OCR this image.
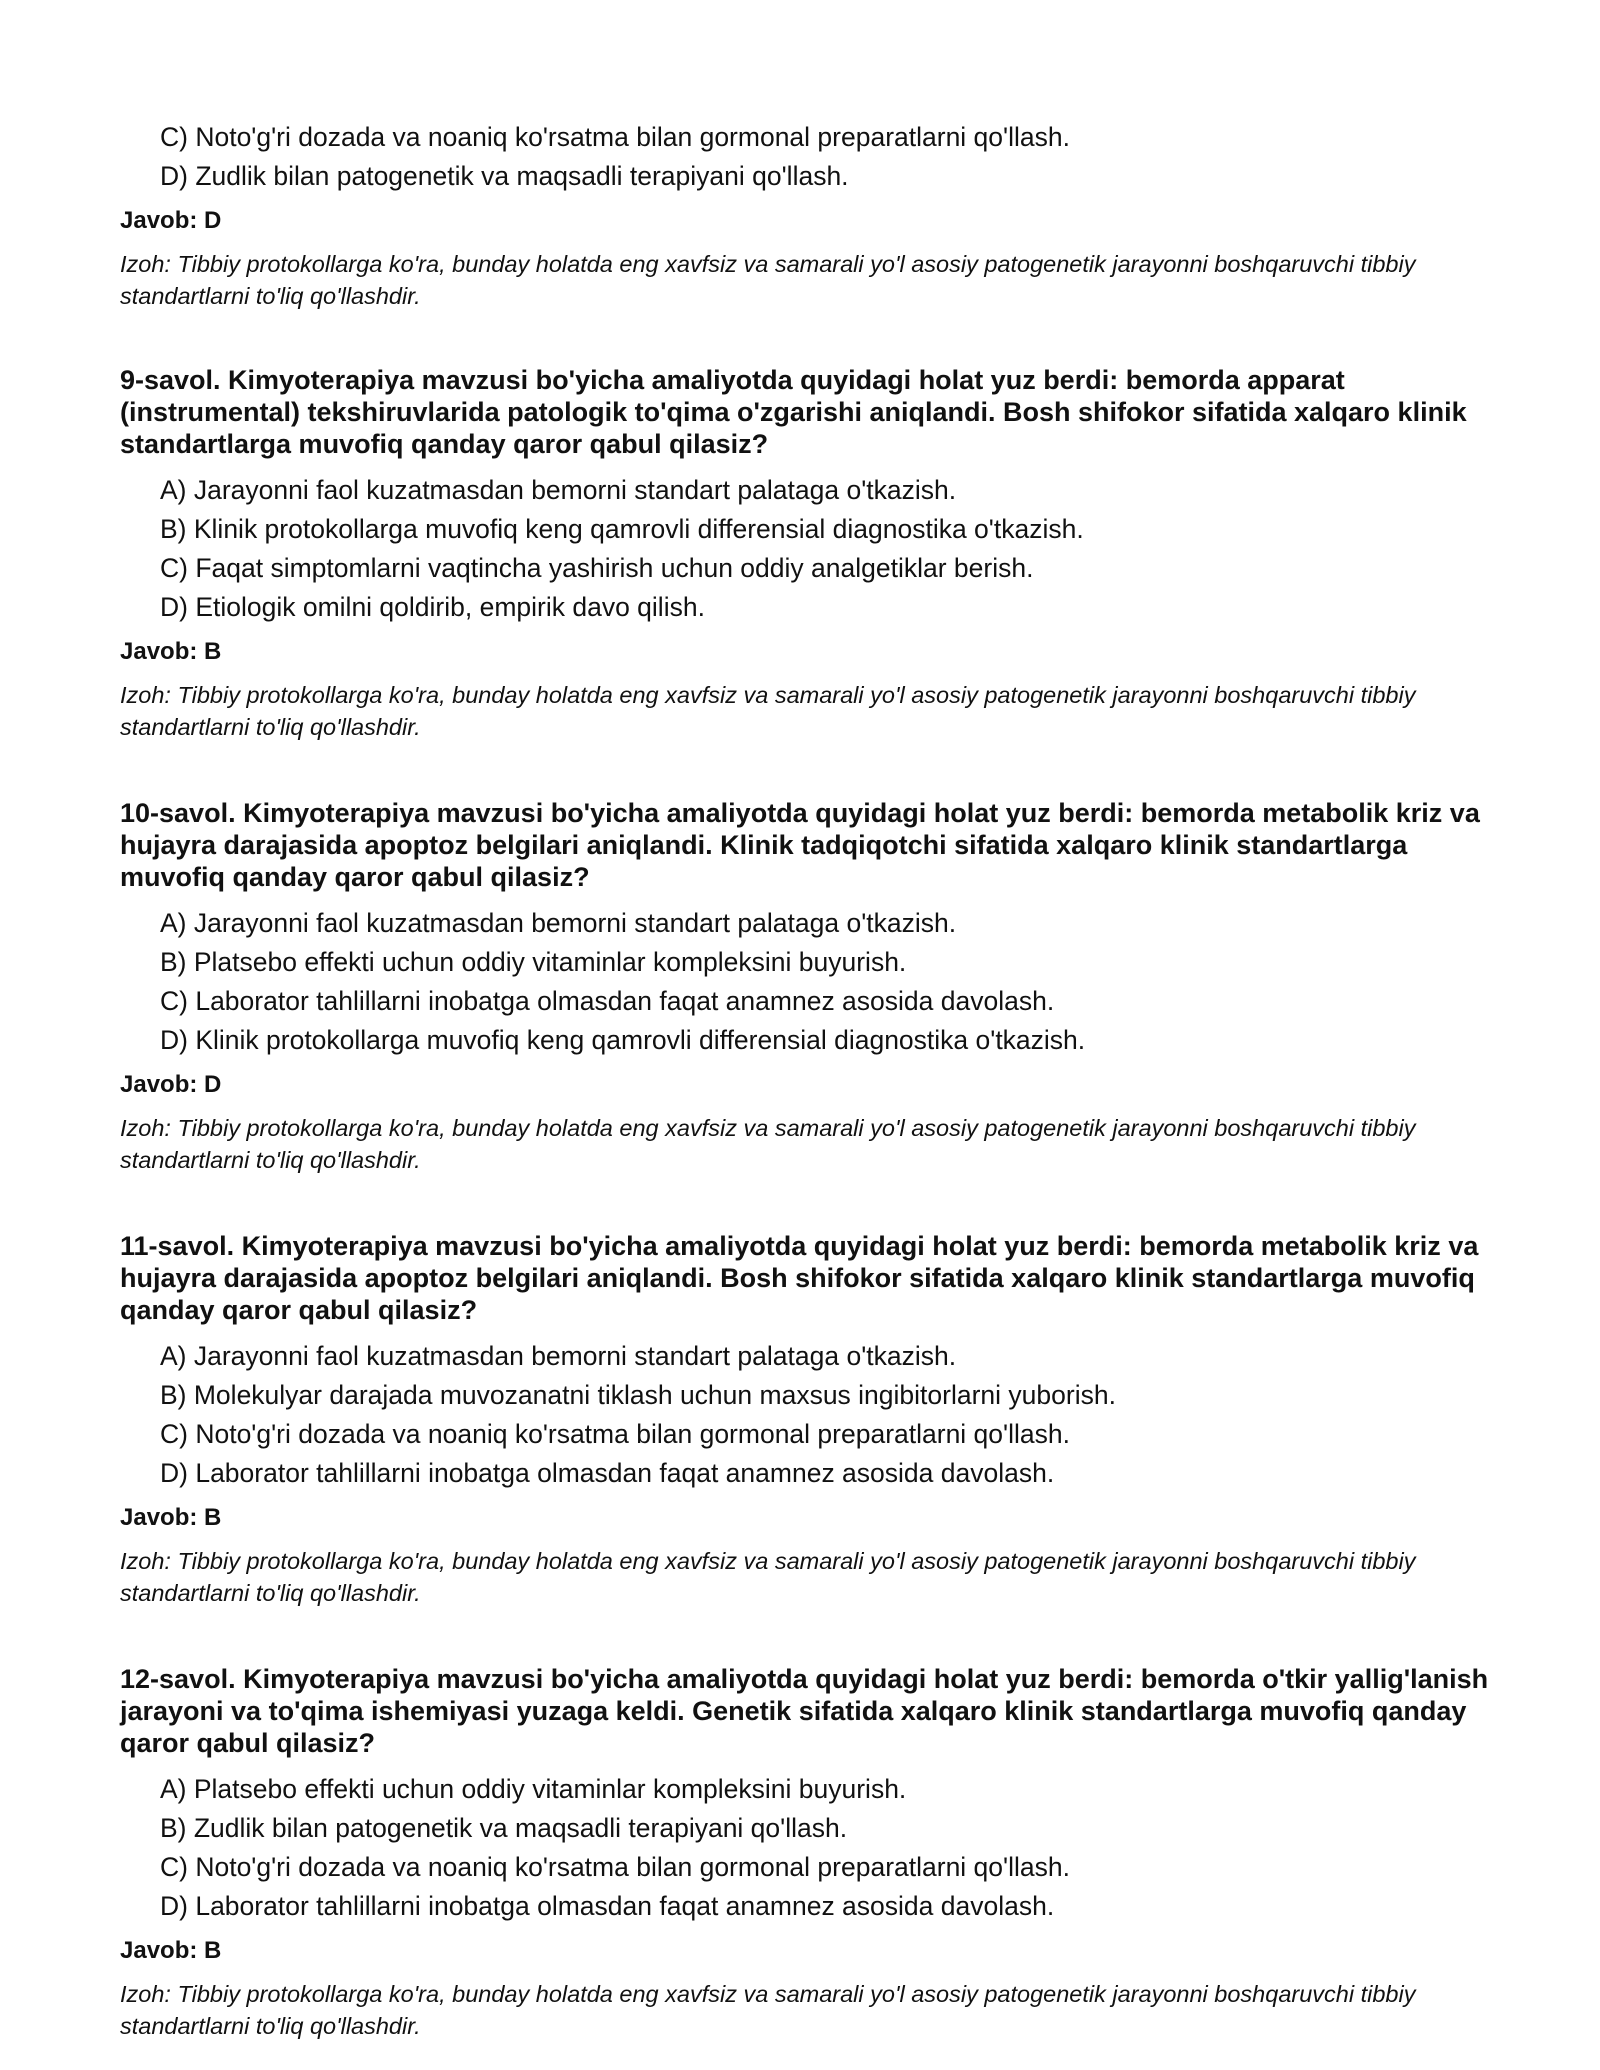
C) Noto'g'ri dozada va noaniq ko'rsatma bilan gormonal preparatlarni qo'llash.
D) Zudlik bilan patogenetik va maqsadli terapiyani qo'llash.
Javob: D
Izoh: Tibbiy protokollarga ko'ra, bunday holatda eng xavfsiz va samarali yo'l asosiy patogenetik jarayonni boshqaruvchi tibbiy standartlarni to'liq qo'llashdir.
9-savol. Kimyoterapiya mavzusi bo'yicha amaliyotda quyidagi holat yuz berdi: bemorda apparat (instrumental) tekshiruvlarida patologik to'qima o'zgarishi aniqlandi. Bosh shifokor sifatida xalqaro klinik standartlarga muvofiq qanday qaror qabul qilasiz?
A) Jarayonni faol kuzatmasdan bemorni standart palataga o'tkazish.
B) Klinik protokollarga muvofiq keng qamrovli differensial diagnostika o'tkazish.
C) Faqat simptomlarni vaqtincha yashirish uchun oddiy analgetiklar berish.
D) Etiologik omilni qoldirib, empirik davo qilish.
Javob: B
Izoh: Tibbiy protokollarga ko'ra, bunday holatda eng xavfsiz va samarali yo'l asosiy patogenetik jarayonni boshqaruvchi tibbiy standartlarni to'liq qo'llashdir.
10-savol. Kimyoterapiya mavzusi bo'yicha amaliyotda quyidagi holat yuz berdi: bemorda metabolik kriz va hujayra darajasida apoptoz belgilari aniqlandi. Klinik tadqiqotchi sifatida xalqaro klinik standartlarga muvofiq qanday qaror qabul qilasiz?
A) Jarayonni faol kuzatmasdan bemorni standart palataga o'tkazish.
B) Platsebo effekti uchun oddiy vitaminlar kompleksini buyurish.
C) Laborator tahlillarni inobatga olmasdan faqat anamnez asosida davolash.
D) Klinik protokollarga muvofiq keng qamrovli differensial diagnostika o'tkazish.
Javob: D
Izoh: Tibbiy protokollarga ko'ra, bunday holatda eng xavfsiz va samarali yo'l asosiy patogenetik jarayonni boshqaruvchi tibbiy standartlarni to'liq qo'llashdir.
11-savol. Kimyoterapiya mavzusi bo'yicha amaliyotda quyidagi holat yuz berdi: bemorda metabolik kriz va hujayra darajasida apoptoz belgilari aniqlandi. Bosh shifokor sifatida xalqaro klinik standartlarga muvofiq qanday qaror qabul qilasiz?
A) Jarayonni faol kuzatmasdan bemorni standart palataga o'tkazish.
B) Molekulyar darajada muvozanatni tiklash uchun maxsus ingibitorlarni yuborish.
C) Noto'g'ri dozada va noaniq ko'rsatma bilan gormonal preparatlarni qo'llash.
D) Laborator tahlillarni inobatga olmasdan faqat anamnez asosida davolash.
Javob: B
Izoh: Tibbiy protokollarga ko'ra, bunday holatda eng xavfsiz va samarali yo'l asosiy patogenetik jarayonni boshqaruvchi tibbiy standartlarni to'liq qo'llashdir.
12-savol. Kimyoterapiya mavzusi bo'yicha amaliyotda quyidagi holat yuz berdi: bemorda o'tkir yallig'lanish jarayoni va to'qima ishemiyasi yuzaga keldi. Genetik sifatida xalqaro klinik standartlarga muvofiq qanday qaror qabul qilasiz?
A) Platsebo effekti uchun oddiy vitaminlar kompleksini buyurish.
B) Zudlik bilan patogenetik va maqsadli terapiyani qo'llash.
C) Noto'g'ri dozada va noaniq ko'rsatma bilan gormonal preparatlarni qo'llash.
D) Laborator tahlillarni inobatga olmasdan faqat anamnez asosida davolash.
Javob: B
Izoh: Tibbiy protokollarga ko'ra, bunday holatda eng xavfsiz va samarali yo'l asosiy patogenetik jarayonni boshqaruvchi tibbiy standartlarni to'liq qo'llashdir.
